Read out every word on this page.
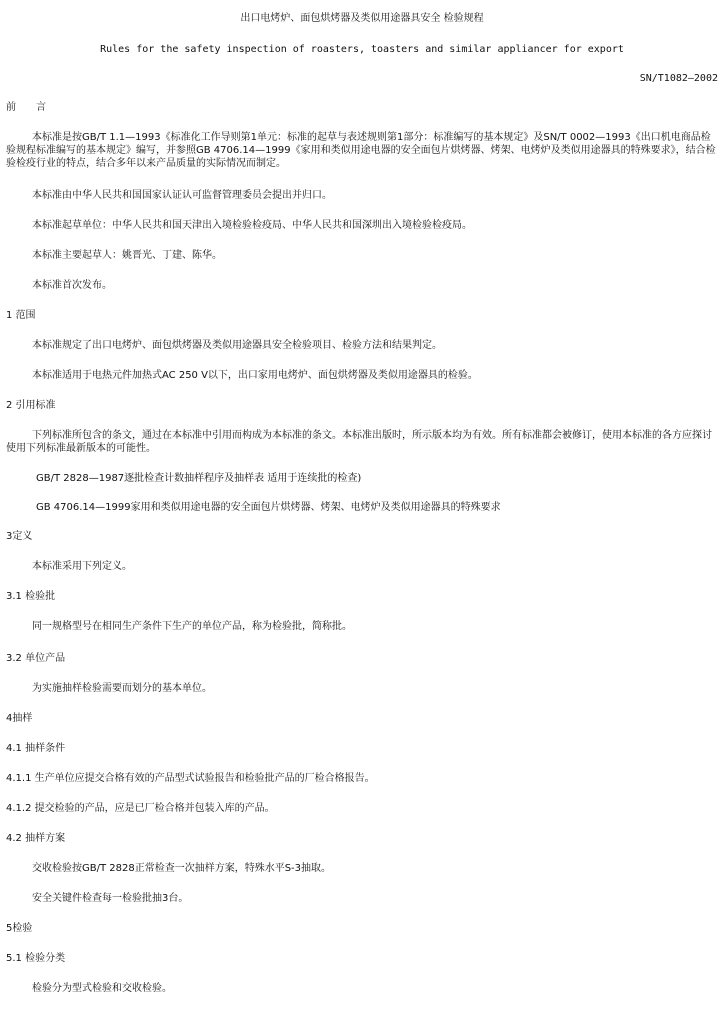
出口电烤炉、面包烘烤器及类似用途器具安全 检验规程
Rules for the safety inspection of roasters, toasters and similar appliancer for export
SN/T1082—2002
前　　言
本标准是按GB/T 1.1—1993《标准化工作导则第1单元：标准的起草与表述规则第1部分：标准编写的基本规定》及SN/T 0002—1993《出口机电商品检验规程标准编写的基本规定》编写，并参照GB 4706.14—1999《家用和类似用途电器的安全面包片烘烤器、烤架、电烤炉及类似用途器具的特殊要求》，结合检验检疫行业的特点，结合多年以来产品质量的实际情况而制定。
本标准由中华人民共和国国家认证认可监督管理委员会提出并归口。
本标准起草单位：中华人民共和国天津出入境检验检疫局、中华人民共和国深圳出入境检验检疫局。
本标准主要起草人：姚晋光、丁建、陈华。
本标准首次发布。
1 范围
本标准规定了出口电烤炉、面包烘烤器及类似用途器具安全检验项目、检验方法和结果判定。
本标准适用于电热元件加热式AC 250 V以下，出口家用电烤炉、面包烘烤器及类似用途器具的检验。
2 引用标准
下列标准所包含的条文，通过在本标准中引用而构成为本标准的条文。本标准出版时，所示版本均为有效。所有标准都会被修订，使用本标准的各方应探讨使用下列标准最新版本的可能性。
GB/T 2828—1987逐批检查计数抽样程序及抽样表 适用于连续批的检查)
GB 4706.14—1999家用和类似用途电器的安全面包片烘烤器、烤架、电烤炉及类似用途器具的特殊要求
3定义
本标准采用下列定义。
3.1 检验批
同一规格型号在相同生产条件下生产的单位产品，称为检验批，简称批。
3.2 单位产品
为实施抽样检验需要而划分的基本单位。
4抽样
4.1 抽样条件
4.1.1 生产单位应提交合格有效的产品型式试验报告和检验批产品的厂检合格报告。
4.1.2 提交检验的产品，应是已厂检合格并包装入库的产品。
4.2 抽样方案
交收检验按GB/T 2828正常检查一次抽样方案，特殊水平S-3抽取。
安全关键件检查每一检验批抽3台。
5检验
5.1 检验分类
检验分为型式检验和交收检验。
